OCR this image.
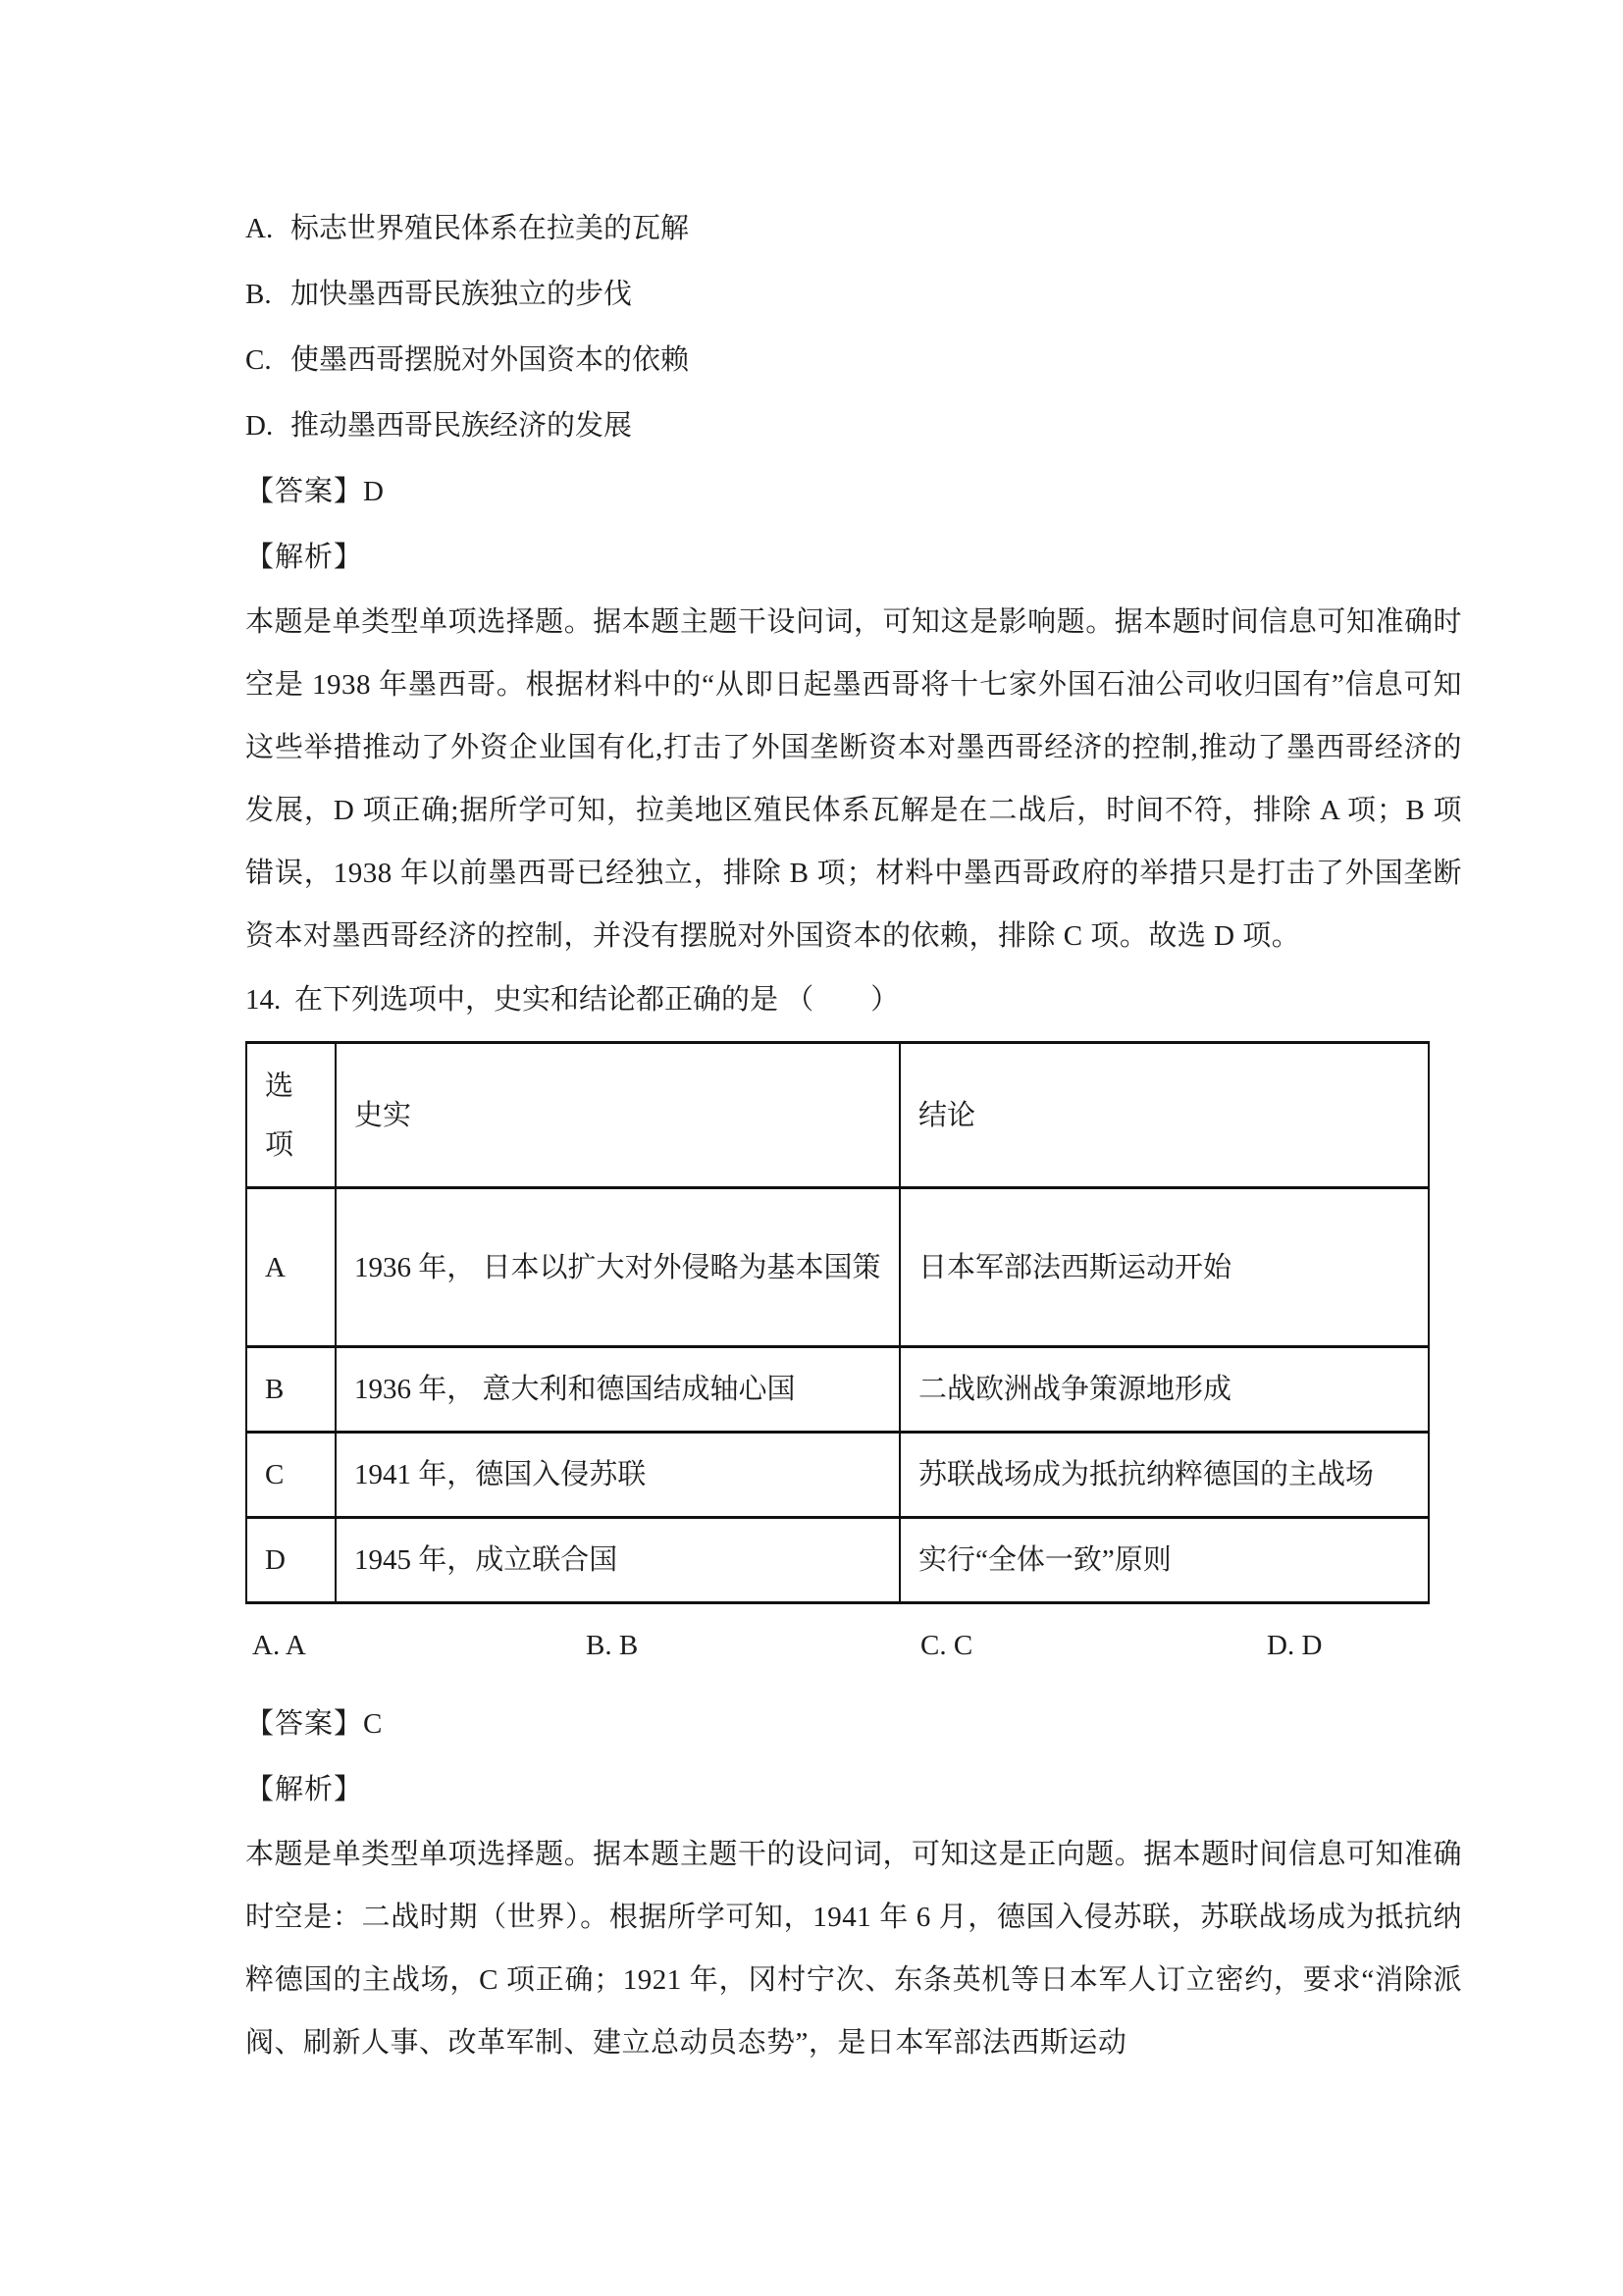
A. 标志世界殖民体系在拉美的瓦解
B. 加快墨西哥民族独立的步伐
C. 使墨西哥摆脱对外国资本的依赖
D. 推动墨西哥民族经济的发展
【答案】D
【解析】

本题是单类型单项选择题。据本题主题干设问词，可知这是影响题。据本题时间信息可知准确时空是 1938 年墨西哥。根据材料中的“从即日起墨西哥将十七家外国石油公司收归国有”信息可知这些举措推动了外资企业国有化,打击了外国垄断资本对墨西哥经济的控制,推动了墨西哥经济的发展，D 项正确;据所学可知，拉美地区殖民体系瓦解是在二战后，时间不符，排除 A 项；B 项错误，1938 年以前墨西哥已经独立，排除 B 项；材料中墨西哥政府的举措只是打击了外国垄断资本对墨西哥经济的控制，并没有摆脱对外国资本的依赖，排除 C 项。故选 D 项。

14. 在下列选项中，史实和结论都正确的是 （　　）
选项	史实	结论
A	1936 年， 日本以扩大对外侵略为基本国策	日本军部法西斯运动开始
B	1936 年， 意大利和德国结成轴心国	二战欧洲战争策源地形成
C	1941 年，德国入侵苏联	苏联战场成为抵抗纳粹德国的主战场
D	1945 年，成立联合国	实行“全体一致”原则
A. A	B. B	C. C	D. D
【答案】C
【解析】

本题是单类型单项选择题。据本题主题干的设问词，可知这是正向题。据本题时间信息可知准确时空是：二战时期（世界）。根据所学可知，1941 年 6 月，德国入侵苏联，苏联战场成为抵抗纳粹德国的主战场，C 项正确；1921 年，冈村宁次、东条英机等日本军人订立密约，要求“消除派阀、刷新人事、改革军制、建立总动员态势”，是日本军部法西斯运动
